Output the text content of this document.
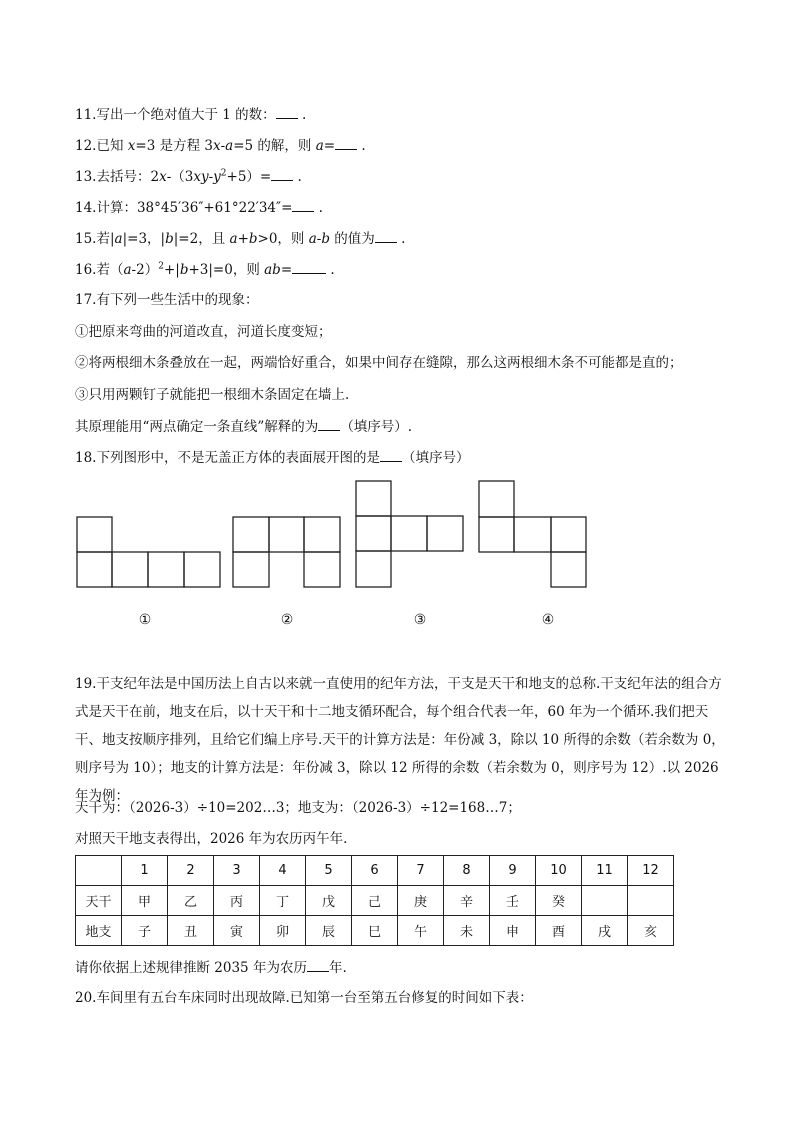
11.写出一个绝对值大于 1 的数： .
12.已知 x=3 是方程 3x-a=5 的解，则 a= .
13.去括号：$2x-(3xy-y^2+5)=$ .
14.计算：38°45′36″+61°22′34″= .
15.若|a|=3，|b|=2，且 a+b>0，则 a-b 的值为 .
16.若$(a-2)^2+|b+3|=0$，则 ab=	.
17.有下列一些生活中的现象：
①把原来弯曲的河道改直，河道长度变短；
②将两根细木条叠放在一起，两端恰好重合，如果中间存在缝隙，那么这两根细木条不可能都是直的；
③只用两颗钉子就能把一根细木条固定在墙上.
其原理能用“两点确定一条直线”解释的为 （填序号）.
18.下列图形中，不是无盖正方体的表面展开图的是 （填序号）
①	②	③	④
19.干支纪年法是中国历法上自古以来就一直使用的纪年方法，干支是天干和地支的总称.干支纪年法的组合方式是天干在前，地支在后，以十天干和十二地支循环配合，每个组合代表一年，60 年为一个循环.我们把天干、地支按顺序排列，且给它们编上序号.天干的计算方法是：年份减 3，除以 10 所得的余数（若余数为 0，则序号为 10）；地支的计算方法是：年份减 3，除以 12 所得的余数（若余数为 0，则序号为 12）.以 2026 年为例：
天干为：（2026-3）÷10=202…3；地支为：（2026-3）÷12=168…7；
对照天干地支表得出，2026 年为农历丙午年.
	1	2	3	4	5	6	7	8	9	10	11	12
天干	甲	乙	丙	丁	戊	己	庚	辛	壬	癸		
地支	子	丑	寅	卯	辰	巳	午	未	申	酉	戌	亥
请你依据上述规律推断 2035 年为农历 年.
20.车间里有五台车床同时出现故障.已知第一台至第五台修复的时间如下表：
